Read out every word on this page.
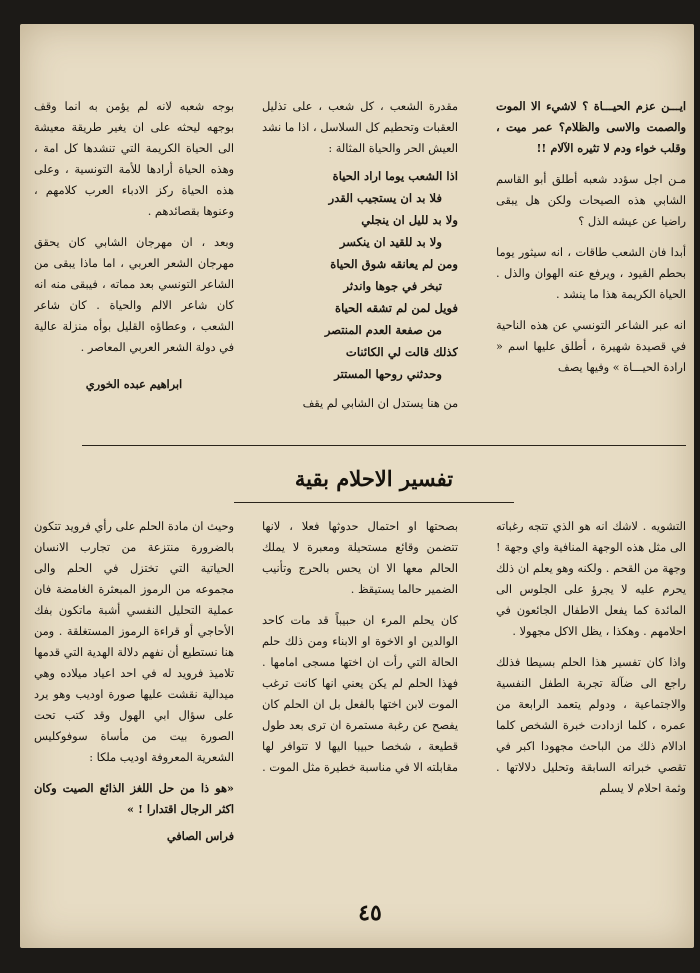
ايـــن عزم الحيـــاة ؟ لاشيء الا الموت والصمت والاسى والظلام؟ عمر ميت ، وقلب خواء ودم لا تثيره الآلام !!

مـن اجل سؤدد شعبه أطلق أبو القاسم الشابي هذه الصيحات ولكن هل يبقى راضيا عن عيشه الذل ؟

أبدا فان الشعب طاقات ، انه سيثور يوما بحطم القيود ، ويرفع عنه الهوان والذل . الحياة الكريمة هذا ما ينشد .

انه عبر الشاعر التونسي عن هذه الناحية في قصيدة شهيرة ، أطلق عليها اسم « ارادة الحيـــاة » وفيها يصف

مقدرة الشعب ، كل شعب ، على تذليل العقبات وتحطيم كل السلاسل ، اذا ما نشد العيش الحر والحياة المثالة :

اذا الشعب يوما اراد الحياة
فلا بد ان يستجيب القدر
ولا بد لليل ان ينجلي
ولا بد للقيد ان ينكسر
ومن لم يعانقه شوق الحياة
تبخر في جوها واندثر
فويل لمن لم تشقه الحياة
من صفعة العدم المنتصر
كذلك قالت لي الكائنات
وحدثني روحها المستتر

من هنا يستدل ان الشابي لم يقف

بوجه شعبه لانه لم يؤمن به انما وقف بوجهه ليحثه على ان يغير طريقة معيشة الى الحياة الكريمة التي تنشدها كل امة ، وهذه الحياة أرادها للأمة التونسية ، وعلى هذه الحياة ركز الادباء العرب كلامهم ، وعنوها بقصائدهم .

وبعد ، ان مهرجان الشابي كان يحقق مهرجان الشعر العربي ، اما ماذا يبقى من الشاعر التونسي بعد مماته ، فيبقى منه انه كان شاعر الالم والحياة . كان شاعر الشعب ، وعطاؤه القليل بوأه منزلة عالية في دولة الشعر العربي المعاصر .

ابراهيم عبده الخوري
تفسير الاحلام بقية

التشويه . لاشك انه هو الذي تتجه رغباته الى مثل هذه الوجهة المنافية واي وجهة ! وجهة من القحم . ولكنه وهو يعلم ان ذلك يحرم عليه لا يجرؤ على الجلوس الى المائدة كما يفعل الاطفال الجائعون في احلامهم . وهكذا ، يظل الاكل مجهولا .

واذا كان تفسير هذا الحلم بسيطا فذلك راجع الى ضآلة تجربة الطفل النفسية والاجتماعية ، ودولم يتعمد الرابعة من عمره ، كلما ازدادت خبرة الشخص كلما ادالام ذلك من الباحث مجهودا اكبر في تقصي خبراته السابقة وتحليل دلالاتها . وثمة احلام لا يسلم

بصحتها او احتمال حدوثها فعلا ، لانها تتضمن وقائع مستحيلة ومعبرة لا يملك الحالم معها الا ان يحس بالحرج وتأنيب الضمير حالما يستيقظ .

كان يحلم المرء ان حبيباً قد مات كاحد الوالدين او الاخوة او الابناء ومن ذلك حلم الحالة التي رأت ان اختها مسجى امامها . فهذا الحلم لم يكن يعني انها كانت ترغب الموت لابن اختها بالفعل بل ان الحلم كان يفصح عن رغبة مستمرة ان ترى بعد طول قطيعة ، شخصا حبيبا اليها لا تتوافر لها مقابلته الا في مناسبة خطيرة مثل الموت .

وحيث ان مادة الحلم على رأي فرويد تتكون بالضرورة منتزعة من تجارب الانسان الحياتية التي تختزل في الحلم والى مجموعه من الرموز المبعثرة الغامضة فان عملية التحليل النفسي أشبة ماتكون بفك الأحاجي أو قراءة الرموز المستغلقة . ومن هنا نستطيع أن نفهم دلالة الهدية التي قدمها تلاميذ فرويد له في احد اعياد ميلاده وهي ميدالية نقشت عليها صورة اوديب وهو يرد على سؤال ابي الهول وقد كتب تحت الصورة بيت من مأساة سوفوكليس الشعرية المعروفة اوديب ملكا :

«هو ذا من حل اللغز الذائع الصيت وكان اكثر الرجال اقتدارا ! »

فراس الصافي

٤٥
